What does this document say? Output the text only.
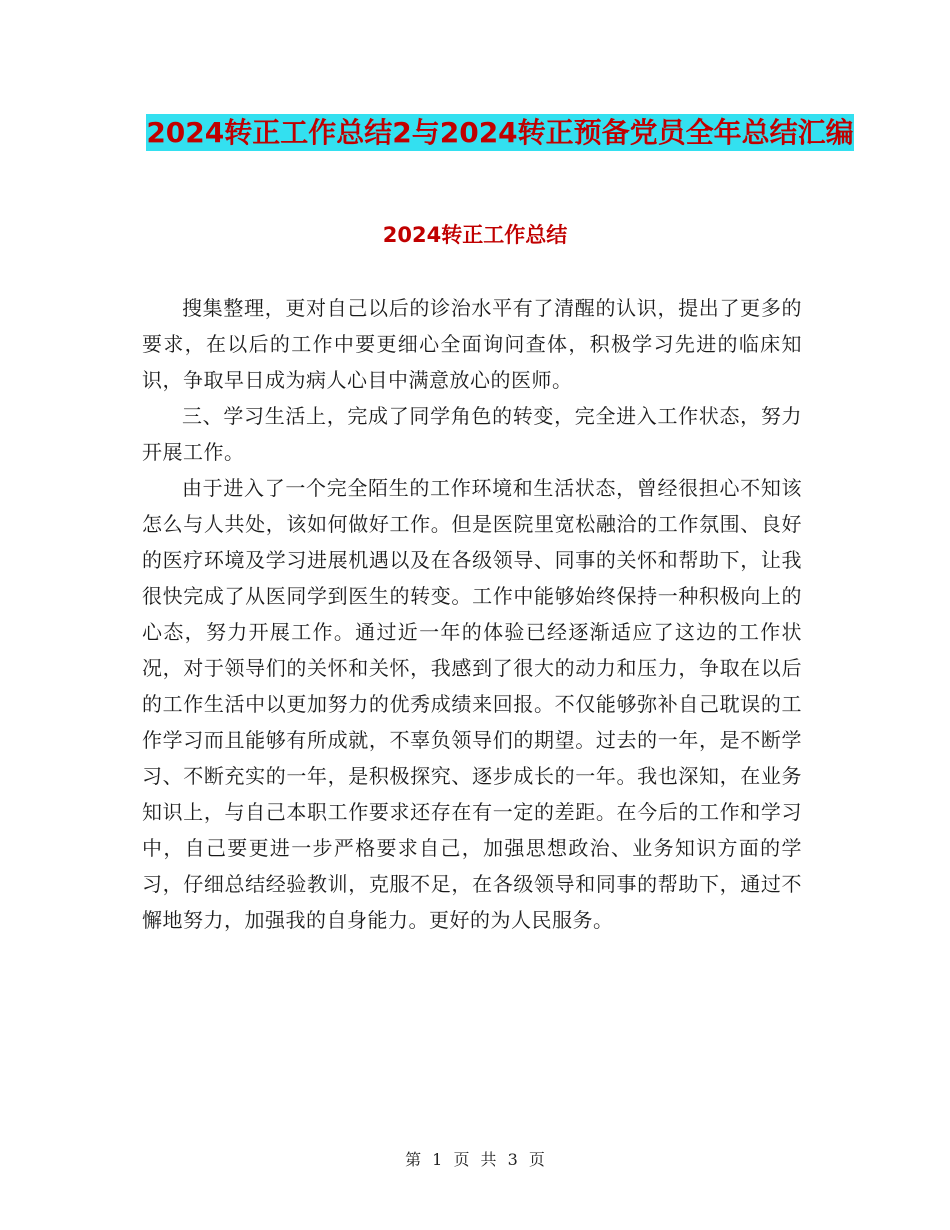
2024转正工作总结2与2024转正预备党员全年总结汇编
2024转正工作总结

搜集整理，更对自己以后的诊治水平有了清醒的认识，提出了更多的要求，在以后的工作中要更细心全面询问查体，积极学习先进的临床知识，争取早日成为病人心目中满意放心的医师。

三、学习生活上，完成了同学角色的转变，完全进入工作状态，努力开展工作。

由于进入了一个完全陌生的工作环境和生活状态，曾经很担心不知该怎么与人共处，该如何做好工作。但是医院里宽松融洽的工作氛围、良好的医疗环境及学习进展机遇以及在各级领导、同事的关怀和帮助下，让我很快完成了从医同学到医生的转变。工作中能够始终保持一种积极向上的心态，努力开展工作。通过近一年的体验已经逐渐适应了这边的工作状况，对于领导们的关怀和关怀，我感到了很大的动力和压力，争取在以后的工作生活中以更加努力的优秀成绩来回报。不仅能够弥补自己耽误的工作学习而且能够有所成就，不辜负领导们的期望。过去的一年，是不断学习、不断充实的一年，是积极探究、逐步成长的一年。我也深知，在业务知识上，与自己本职工作要求还存在有一定的差距。在今后的工作和学习中，自己要更进一步严格要求自己，加强思想政治、业务知识方面的学习，仔细总结经验教训，克服不足，在各级领导和同事的帮助下，通过不懈地努力，加强我的自身能力。更好的为人民服务。

第 1 页 共 3 页
